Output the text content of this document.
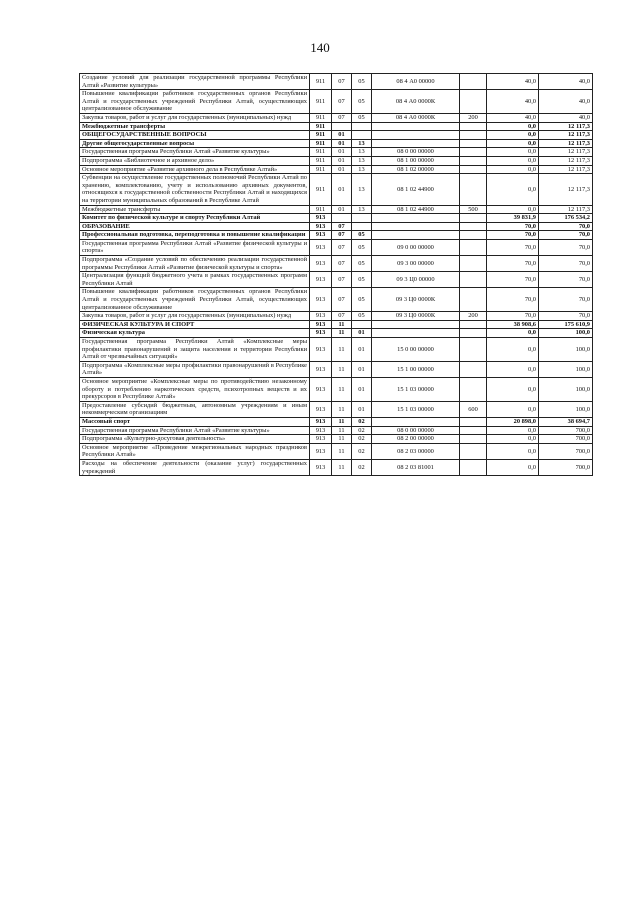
140
Создание условий для реализации государственной программы Республики Алтай «Развитие культуры»	911	07	05	08 4 А0 00000		40,0	40,0
Повышение квалификации работников государственных органов Республики Алтай и государственных учреждений Республики Алтай, осуществляющих централизованное обслуживание	911	07	05	08 4 А0 0000К		40,0	40,0
Закупка товаров, работ и услуг для государственных (муниципальных) нужд	911	07	05	08 4 А0 0000К	200	40,0	40,0
Межбюджетные трансферты	911					0,0	12 117,3
ОБЩЕГОСУДАРСТВЕННЫЕ ВОПРОСЫ	911	01				0,0	12 117,3
Другие общегосударственные вопросы	911	01	13			0,0	12 117,3
Государственная программа Республики Алтай «Развитие культуры»	911	01	13	08 0 00 00000		0,0	12 117,3
Подпрограмма «Библиотечное и архивное дело»	911	01	13	08 1 00 00000		0,0	12 117,3
Основное мероприятие «Развитие архивного дела в Республике Алтай»	911	01	13	08 1 02 00000		0,0	12 117,3
Субвенции на осуществление государственных полномочий Республики Алтай по хранению, комплектованию, учету и использованию архивных документов, относящихся к государственной собственности Республики Алтай и находящихся на территории муниципальных образований в Республике Алтай	911	01	13	08 1 02 44900		0,0	12 117,3
Межбюджетные трансферты	911	01	13	08 1 02 44900	500	0,0	12 117,3
Комитет по физической культуре и спорту Республики Алтай	913					39 831,9	176 534,2
ОБРАЗОВАНИЕ	913	07				70,0	70,0
Профессиональная подготовка, переподготовка и повышение квалификации	913	07	05			70,0	70,0
Государственная программа Республики Алтай «Развитие физической культуры и спорта»	913	07	05	09 0 00 00000		70,0	70,0
Подпрограмма «Создание условий по обеспечению реализации государственной программы Республики Алтай «Развитие физической культуры и спорта»	913	07	05	09 3 00 00000		70,0	70,0
Централизация функций бюджетного учета в рамках государственных программ Республики Алтай	913	07	05	09 3 Ц0 00000		70,0	70,0
Повышение квалификации работников государственных органов Республики Алтай и государственных учреждений Республики Алтай, осуществляющих централизованное обслуживание	913	07	05	09 3 Ц0 0000К		70,0	70,0
Закупка товаров, работ и услуг для государственных (муниципальных) нужд	913	07	05	09 3 Ц0 0000К	200	70,0	70,0
ФИЗИЧЕСКАЯ КУЛЬТУРА И СПОРТ	913	11				38 908,6	175 610,9
Физическая культура	913	11	01			0,0	100,0
Государственная программа Республики Алтай «Комплексные меры профилактики правонарушений и защита населения и территории Республики Алтай от чрезвычайных ситуаций»	913	11	01	15 0 00 00000		0,0	100,0
Подпрограмма «Комплексные меры профилактики правонарушений в Республике Алтай»	913	11	01	15 1 00 00000		0,0	100,0
Основное мероприятие «Комплексные меры по противодействию незаконному обороту и потреблению наркотических средств, психотропных веществ и их прекурсоров в Республике Алтай»	913	11	01	15 1 03 00000		0,0	100,0
Предоставление субсидий бюджетным, автономным учреждениям и иным некоммерческим организациям	913	11	01	15 1 03 00000	600	0,0	100,0
Массовый спорт	913	11	02			20 898,0	38 694,7
Государственная программа Республики Алтай «Развитие культуры»	913	11	02	08 0 00 00000		0,0	700,0
Подпрограмма «Культурно-досуговая деятельность»	913	11	02	08 2 00 00000		0,0	700,0
Основное мероприятие «Проведение межрегиональных народных праздников Республики Алтай»	913	11	02	08 2 03 00000		0,0	700,0
Расходы на обеспечение деятельности (оказание услуг) государственных учреждений	913	11	02	08 2 03 81001		0,0	700,0
